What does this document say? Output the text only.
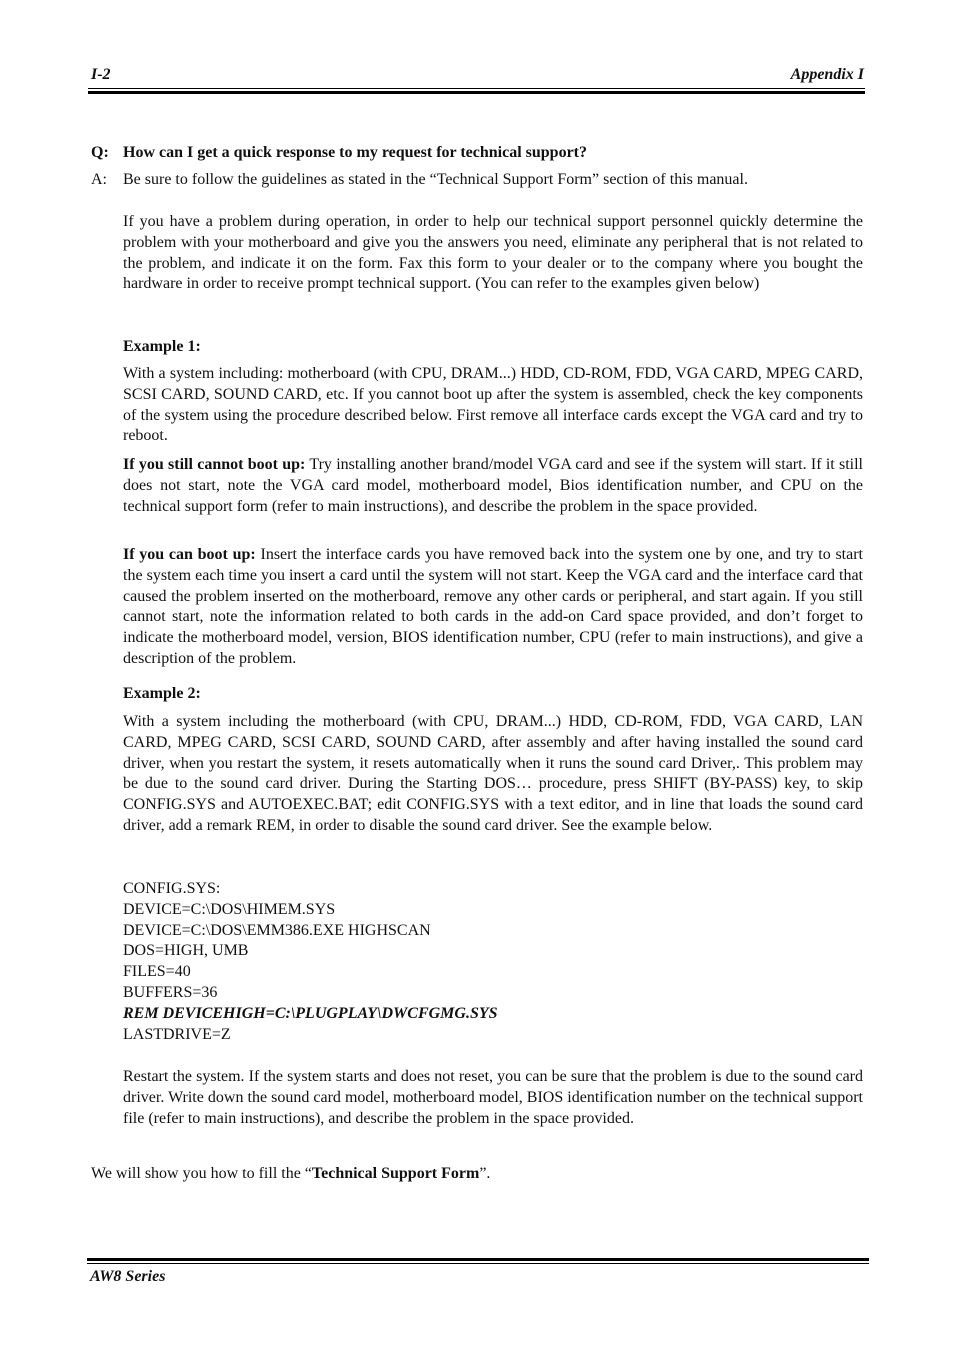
I-2	Appendix I
Q: How can I get a quick response to my request for technical support?
A: Be sure to follow the guidelines as stated in the “Technical Support Form” section of this manual.
If you have a problem during operation, in order to help our technical support personnel quickly determine the problem with your motherboard and give you the answers you need, eliminate any peripheral that is not related to the problem, and indicate it on the form. Fax this form to your dealer or to the company where you bought the hardware in order to receive prompt technical support. (You can refer to the examples given below)
Example 1:
With a system including: motherboard (with CPU, DRAM...) HDD, CD-ROM, FDD, VGA CARD, MPEG CARD, SCSI CARD, SOUND CARD, etc. If you cannot boot up after the system is assembled, check the key components of the system using the procedure described below. First remove all interface cards except the VGA card and try to reboot.
If you still cannot boot up: Try installing another brand/model VGA card and see if the system will start. If it still does not start, note the VGA card model, motherboard model, Bios identification number, and CPU on the technical support form (refer to main instructions), and describe the problem in the space provided.
If you can boot up: Insert the interface cards you have removed back into the system one by one, and try to start the system each time you insert a card until the system will not start. Keep the VGA card and the interface card that caused the problem inserted on the motherboard, remove any other cards or peripheral, and start again. If you still cannot start, note the information related to both cards in the add-on Card space provided, and don’t forget to indicate the motherboard model, version, BIOS identification number, CPU (refer to main instructions), and give a description of the problem.
Example 2:
With a system including the motherboard (with CPU, DRAM...) HDD, CD-ROM, FDD, VGA CARD, LAN CARD, MPEG CARD, SCSI CARD, SOUND CARD, after assembly and after having installed the sound card driver, when you restart the system, it resets automatically when it runs the sound card Driver,. This problem may be due to the sound card driver. During the Starting DOS… procedure, press SHIFT (BY-PASS) key, to skip CONFIG.SYS and AUTOEXEC.BAT; edit CONFIG.SYS with a text editor, and in line that loads the sound card driver, add a remark REM, in order to disable the sound card driver. See the example below.
CONFIG.SYS:
DEVICE=C:\DOS\HIMEM.SYS
DEVICE=C:\DOS\EMM386.EXE HIGHSCAN
DOS=HIGH, UMB
FILES=40
BUFFERS=36
REM DEVICEHIGH=C:\PLUGPLAY\DWCFGMG.SYS
LASTDRIVE=Z
Restart the system. If the system starts and does not reset, you can be sure that the problem is due to the sound card driver. Write down the sound card model, motherboard model, BIOS identification number on the technical support file (refer to main instructions), and describe the problem in the space provided.
We will show you how to fill the “Technical Support Form”.
AW8 Series
